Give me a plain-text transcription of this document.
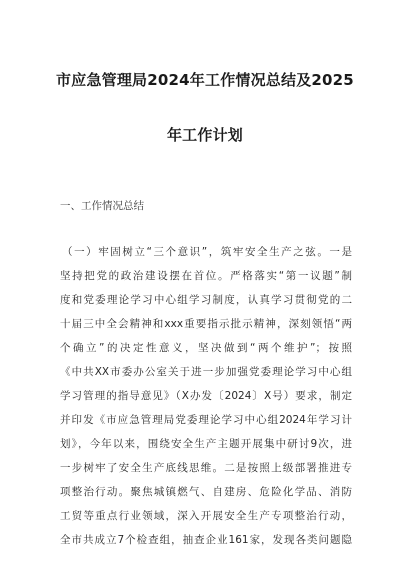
市应急管理局2024年工作情况总结及2025
年工作计划
一、工作情况总结
（一）牢固树立“三个意识”，筑牢安全生产之弦。一是
坚持把党的政治建设摆在首位。严格落实“第一议题”制
度和党委理论学习中心组学习制度，认真学习贯彻党的二
十届三中全会精神和xxx重要指示批示精神，深刻领悟“两
个确立”的决定性意义，坚决做到“两个维护”；按照
《中共XX市委办公室关于进一步加强党委理论学习中心组
学习管理的指导意见》（X办发〔2024〕X号）要求，制定
并印发《市应急管理局党委理论学习中心组2024年学习计
划》，今年以来，围绕安全生产主题开展集中研讨9次，进
一步树牢了安全生产底线思维。二是按照上级部署推进专
项整治行动。聚焦城镇燃气、自建房、危险化学品、消防
工贸等重点行业领域，深入开展安全生产专项整治行动，
全市共成立7个检查组，抽查企业161家，发现各类问题隐
